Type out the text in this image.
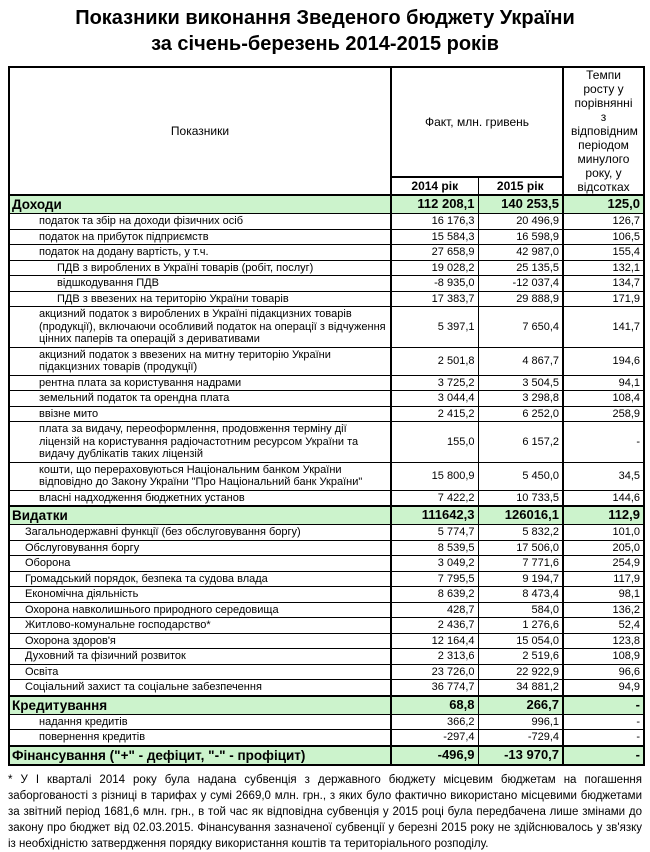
Показники виконання Зведеного бюджету України
за січень-березень 2014-2015 років
Показники	Факт, млн. гривень		Темпи росту у порівнянні з відповідним періодом минулого року, у відсотках
	2014 рік	2015 рік	
Доходи	112 208,1	140 253,5	125,0
податок та збір на доходи фізичних осіб	16 176,3	20 496,9	126,7
податок на прибуток підприємств	15 584,3	16 598,9	106,5
податок на додану вартість, у т.ч.	27 658,9	42 987,0	155,4
ПДВ з вироблених в Україні товарів (робіт, послуг)	19 028,2	25 135,5	132,1
відшкодування ПДВ	-8 935,0	-12 037,4	134,7
ПДВ з ввезених на територію України товарів	17 383,7	29 888,9	171,9
акцизний податок з вироблених в Україні підакцизних товарів (продукції), включаючи особливий податок на операції з відчуження цінних паперів та операцій з деривативами	5 397,1	7 650,4	141,7
акцизний податок з ввезених на митну територію України підакцизних товарів (продукції)	2 501,8	4 867,7	194,6
рентна плата за користування надрами	3 725,2	3 504,5	94,1
земельний податок та орендна плата	3 044,4	3 298,8	108,4
ввізне мито	2 415,2	6 252,0	258,9
плата за видачу, переоформлення, продовження терміну дії ліцензій на користування радіочастотним ресурсом України та видачу дублікатів таких ліцензій	155,0	6 157,2	-
кошти, що перераховуються Національним банком України відповідно до Закону України "Про Національний банк України"	15 800,9	5 450,0	34,5
власні надходження бюджетних установ	7 422,2	10 733,5	144,6
Видатки	111642,3	126016,1	112,9
Загальнодержавні функції (без обслуговування боргу)	5 774,7	5 832,2	101,0
Обслуговування боргу	8 539,5	17 506,0	205,0
Оборона	3 049,2	7 771,6	254,9
Громадський порядок, безпека та судова влада	7 795,5	9 194,7	117,9
Економічна діяльність	8 639,2	8 473,4	98,1
Охорона навколишнього природного середовища	428,7	584,0	136,2
Житлово-комунальне господарство*	2 436,7	1 276,6	52,4
Охорона здоров'я	12 164,4	15 054,0	123,8
Духовний та фізичний розвиток	2 313,6	2 519,6	108,9
Освіта	23 726,0	22 922,9	96,6
Соціальний захист та соціальне забезпечення	36 774,7	34 881,2	94,9
Кредитування	68,8	266,7	-
надання кредитів	366,2	996,1	-
повернення кредитів	-297,4	-729,4	-
Фінансування ("+" - дефіцит, "-" - профіцит)	-496,9	-13 970,7	-
* У І кварталі 2014 року була надана субвенція з державного бюджету місцевим бюджетам на погашення заборгованості з різниці в тарифах у сумі 2669,0 млн. грн., з яких було фактично використано місцевими бюджетами за звітний період 1681,6 млн. грн., в той час як відповідна субвенція у 2015 році була передбачена лише змінами до закону про бюджет від 02.03.2015. Фінансування зазначеної субвенції у березні 2015 року не здійснювалось у зв'язку із необхідністю затвердження порядку використання коштів та територіального розподілу.
